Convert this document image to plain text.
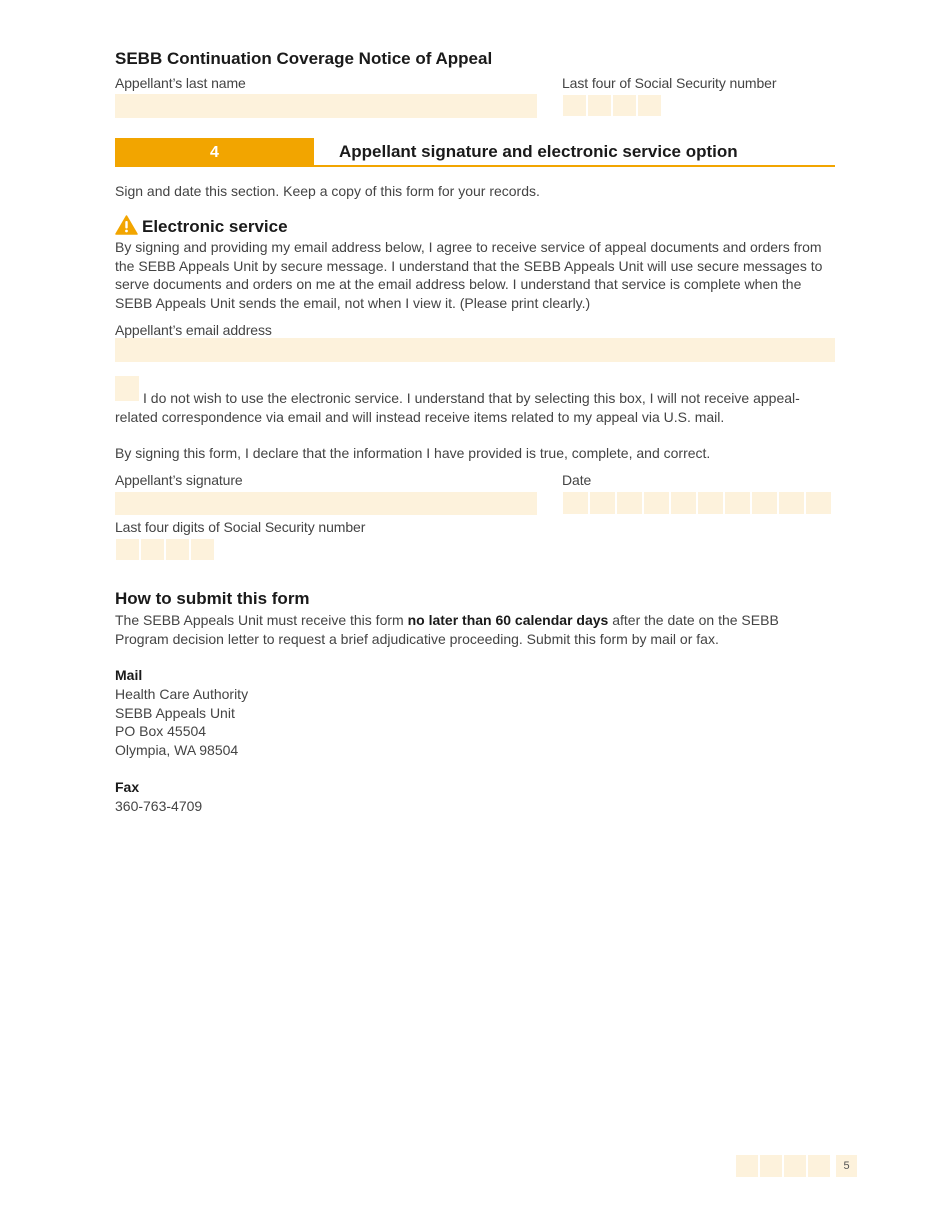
SEBB Continuation Coverage Notice of Appeal
Appellant’s last name	Last four of Social Security number
4	Appellant signature and electronic service option
Sign and date this section. Keep a copy of this form for your records.
Electronic service
By signing and providing my email address below, I agree to receive service of appeal documents and orders from the SEBB Appeals Unit by secure message. I understand that the SEBB Appeals Unit will use secure messages to serve documents and orders on me at the email address below. I understand that service is complete when the SEBB Appeals Unit sends the email, not when I view it. (Please print clearly.)
Appellant’s email address
I do not wish to use the electronic service. I understand that by selecting this box, I will not receive appeal-related correspondence via email and will instead receive items related to my appeal via U.S. mail.
By signing this form, I declare that the information I have provided is true, complete, and correct.
Appellant’s signature	Date
Last four digits of Social Security number
How to submit this form
The SEBB Appeals Unit must receive this form no later than 60 calendar days after the date on the SEBB Program decision letter to request a brief adjudicative proceeding. Submit this form by mail or fax.
Mail
Health Care Authority
SEBB Appeals Unit
PO Box 45504
Olympia, WA 98504
Fax
360-763-4709
5
